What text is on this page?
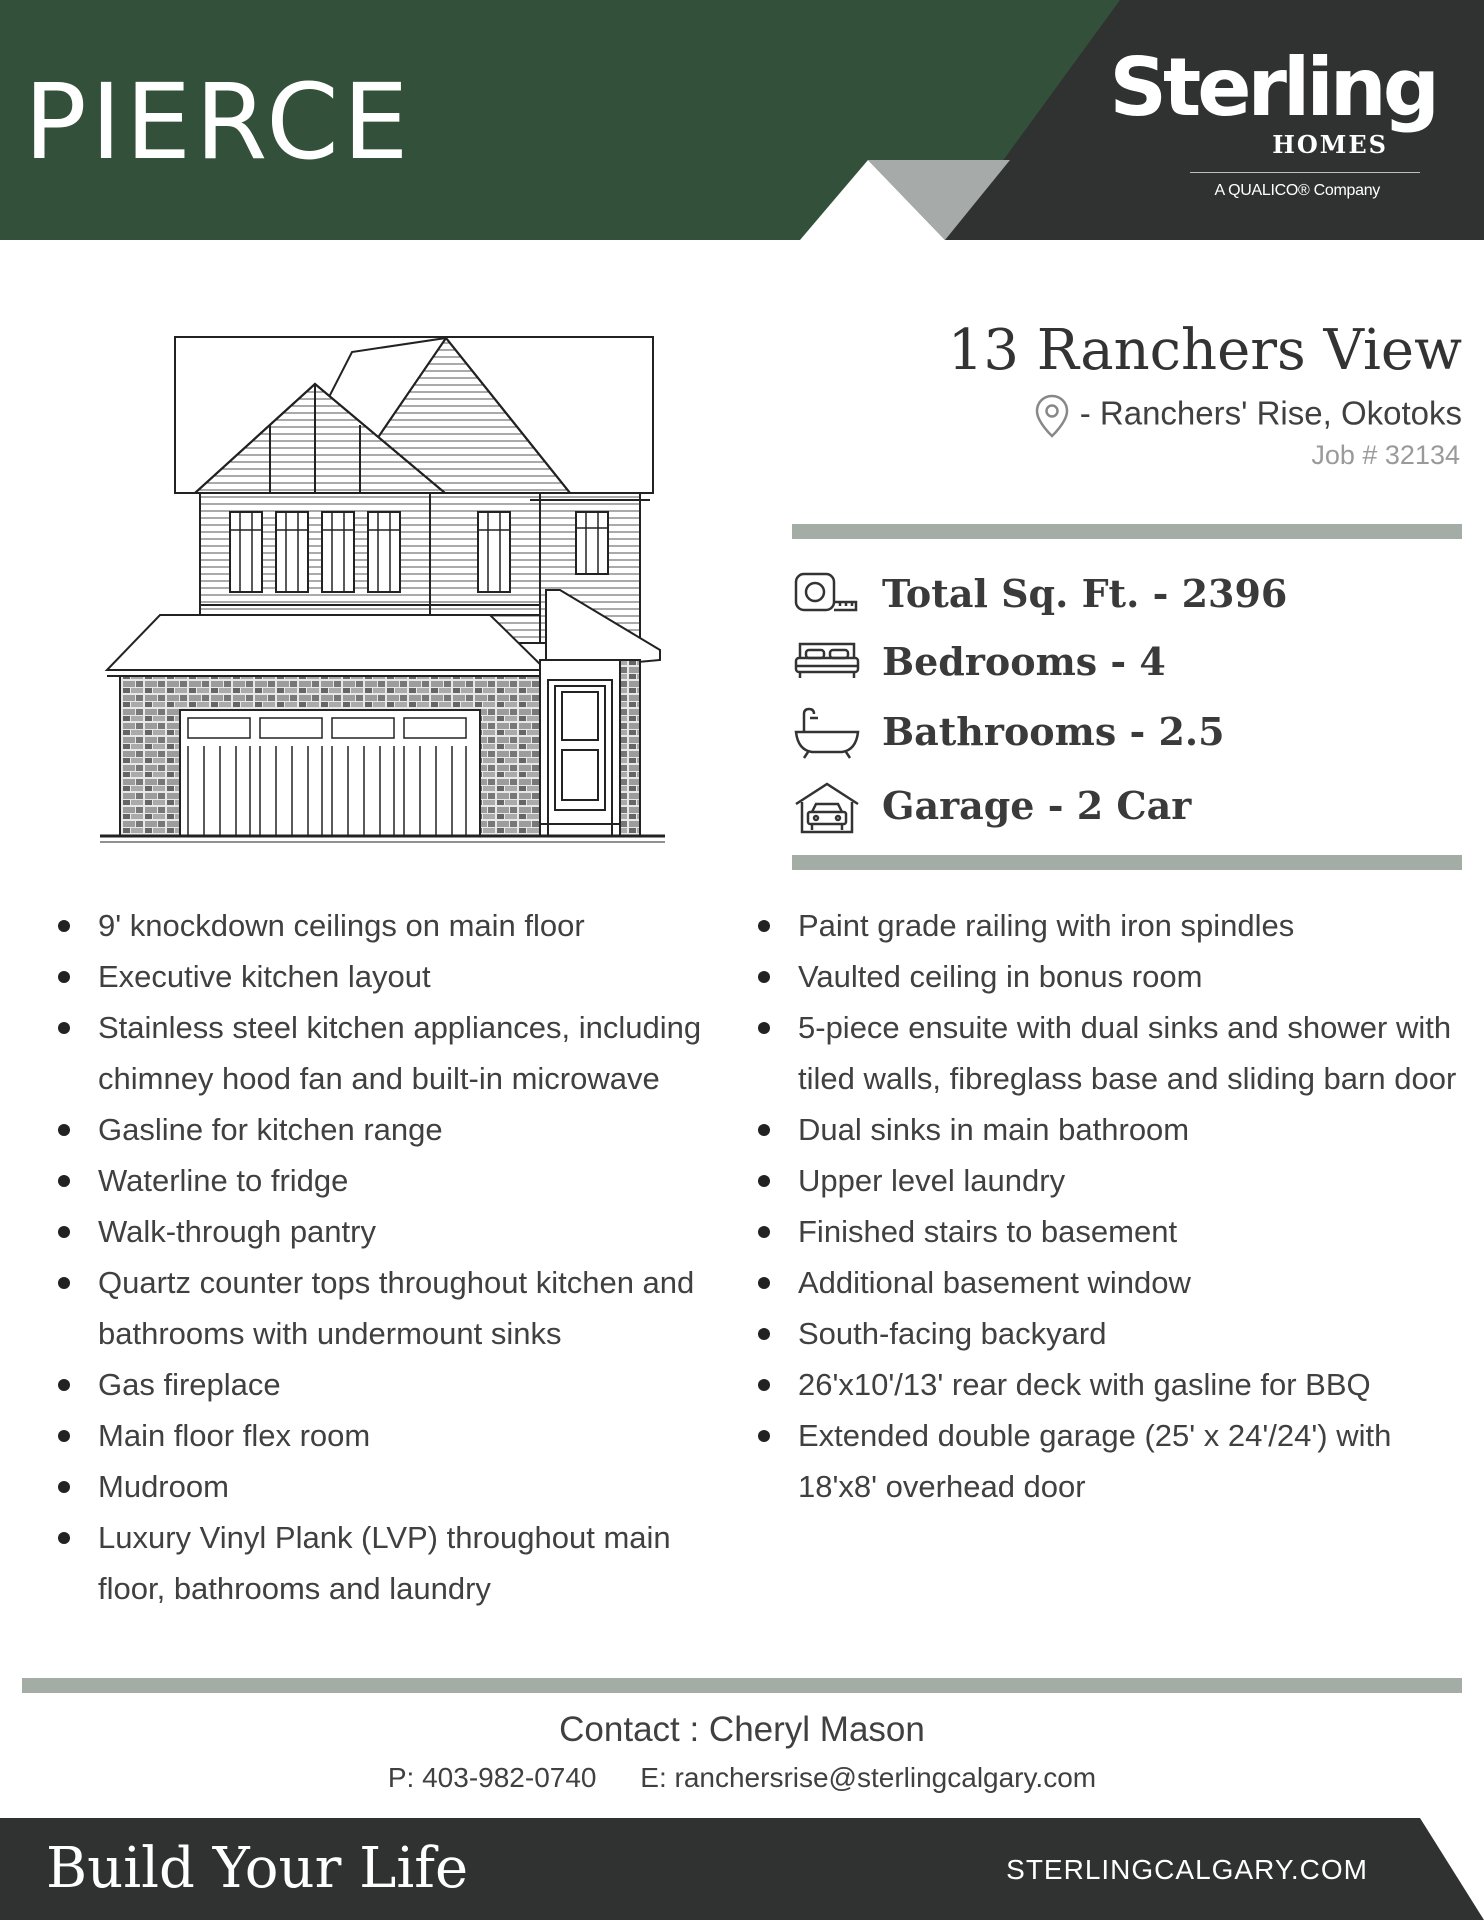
PIERCE	Sterling
HOMES
A QUALICO® Company
13 Ranchers View
- Ranchers' Rise, Okotoks
Job # 32134
Total Sq. Ft. - 2396
Bedrooms - 4
Bathrooms - 2.5
Garage - 2 Car
9' knockdown ceilings on main floor
Executive kitchen layout
Stainless steel kitchen appliances, including chimney hood fan and built-in microwave
Gasline for kitchen range
Waterline to fridge
Walk-through pantry
Quartz counter tops throughout kitchen and bathrooms with undermount sinks
Gas fireplace
Main floor flex room
Mudroom
Luxury Vinyl Plank (LVP) throughout main floor, bathrooms and laundry
Paint grade railing with iron spindles
Vaulted ceiling in bonus room
5-piece ensuite with dual sinks and shower with tiled walls, fibreglass base and sliding barn door
Dual sinks in main bathroom
Upper level laundry
Finished stairs to basement
Additional basement window
South-facing backyard
26'x10'/13' rear deck with gasline for BBQ
Extended double garage (25' x 24'/24') with 18'x8' overhead door
Contact : Cheryl Mason
P: 403-982-0740 E: ranchersrise@sterlingcalgary.com
Build Your Life	STERLINGCALGARY.COM
